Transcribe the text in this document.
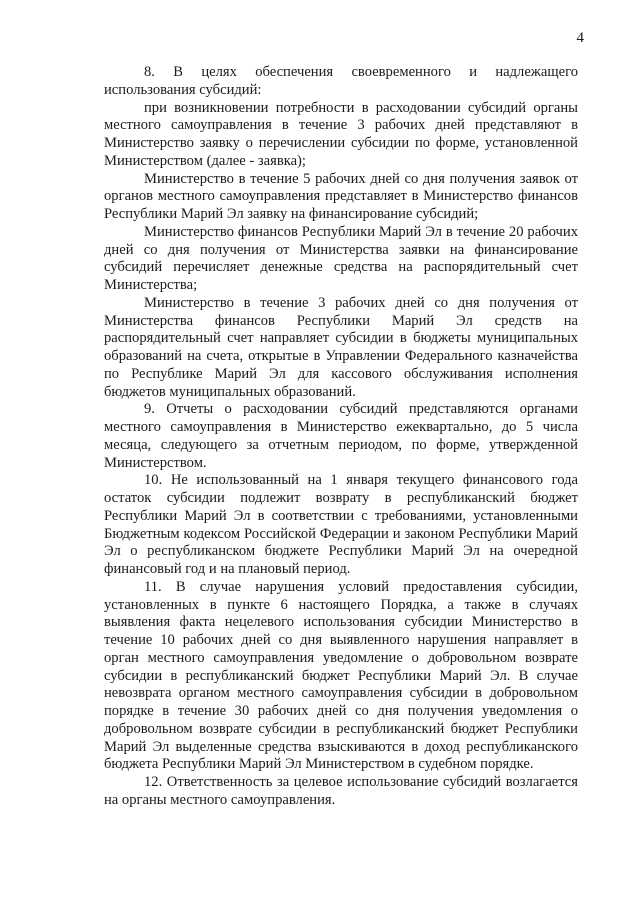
4

8. В целях обеспечения своевременного и надлежащего использования субсидий:

при возникновении потребности в расходовании субсидий органы местного самоуправления в течение 3 рабочих дней представляют в Министерство заявку о перечислении субсидии по форме, установленной Министерством (далее - заявка);

Министерство в течение 5 рабочих дней со дня получения заявок от органов местного самоуправления представляет в Министерство финансов Республики Марий Эл заявку на финансирование субсидий;

Министерство финансов Республики Марий Эл в течение 20 рабочих дней со дня получения от Министерства заявки на финансирование субсидий перечисляет денежные средства на распорядительный счет Министерства;

Министерство в течение 3 рабочих дней со дня получения от Министерства финансов Республики Марий Эл средств на распорядительный счет направляет субсидии в бюджеты муниципальных образований на счета, открытые в Управлении Федерального казначейства по Республике Марий Эл для кассового обслуживания исполнения бюджетов муниципальных образований.

9. Отчеты о расходовании субсидий представляются органами местного самоуправления в Министерство ежеквартально, до 5 числа месяца, следующего за отчетным периодом, по форме, утвержденной Министерством.

10. Не использованный на 1 января текущего финансового года остаток субсидии подлежит возврату в республиканский бюджет Республики Марий Эл в соответствии с требованиями, установленными Бюджетным кодексом Российской Федерации и законом Республики Марий Эл о республиканском бюджете Республики Марий Эл на очередной финансовый год и на плановый период.

11. В случае нарушения условий предоставления субсидии, установленных в пункте 6 настоящего Порядка, а также в случаях выявления факта нецелевого использования субсидии Министерство в течение 10 рабочих дней со дня выявленного нарушения направляет в орган местного самоуправления уведомление о добровольном возврате субсидии в республиканский бюджет Республики Марий Эл. В случае невозврата органом местного самоуправления субсидии в добровольном порядке в течение 30 рабочих дней со дня получения уведомления о добровольном возврате субсидии в республиканский бюджет Республики Марий Эл выделенные средства взыскиваются в доход республиканского бюджета Республики Марий Эл Министерством в судебном порядке.

12. Ответственность за целевое использование субсидий возлагается на органы местного самоуправления.
